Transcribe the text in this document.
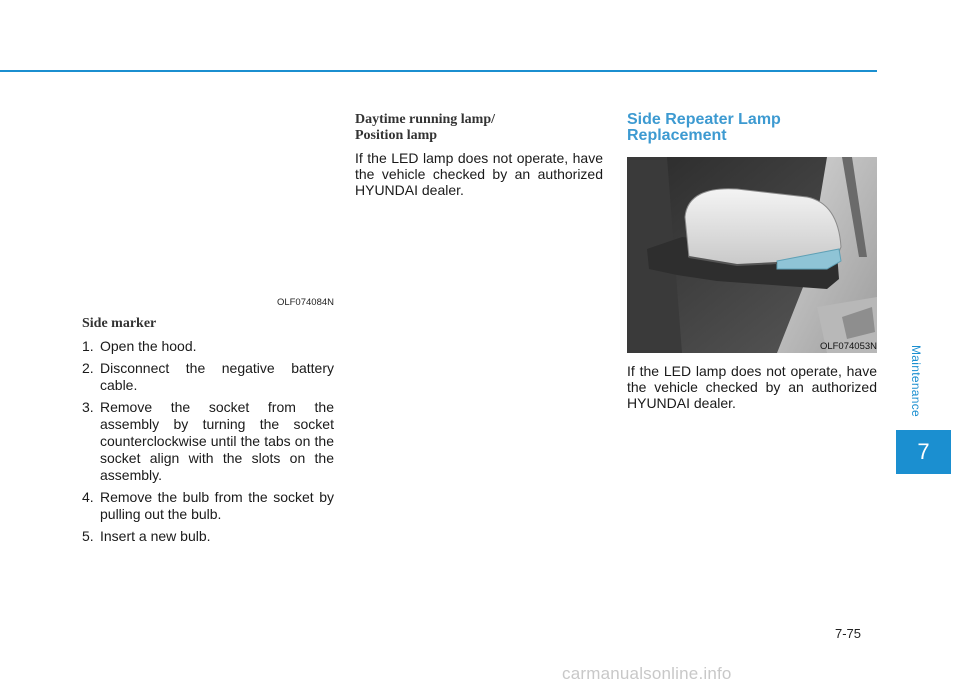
OLF074084N
Side marker
1. Open the hood.
2. Disconnect the negative battery cable.
3. Remove the socket from the assembly by turning the socket counterclockwise until the tabs on the socket align with the slots on the assembly.
4. Remove the bulb from the socket by pulling out the bulb.
5. Insert a new bulb.
Daytime running lamp/
Position lamp
If the LED lamp does not operate, have the vehicle checked by an authorized HYUNDAI dealer.
Side Repeater Lamp
Replacement
OLF074053N
If the LED lamp does not operate, have the vehicle checked by an authorized HYUNDAI dealer.	Maintenance
7
7-75
carmanualsonline.info
